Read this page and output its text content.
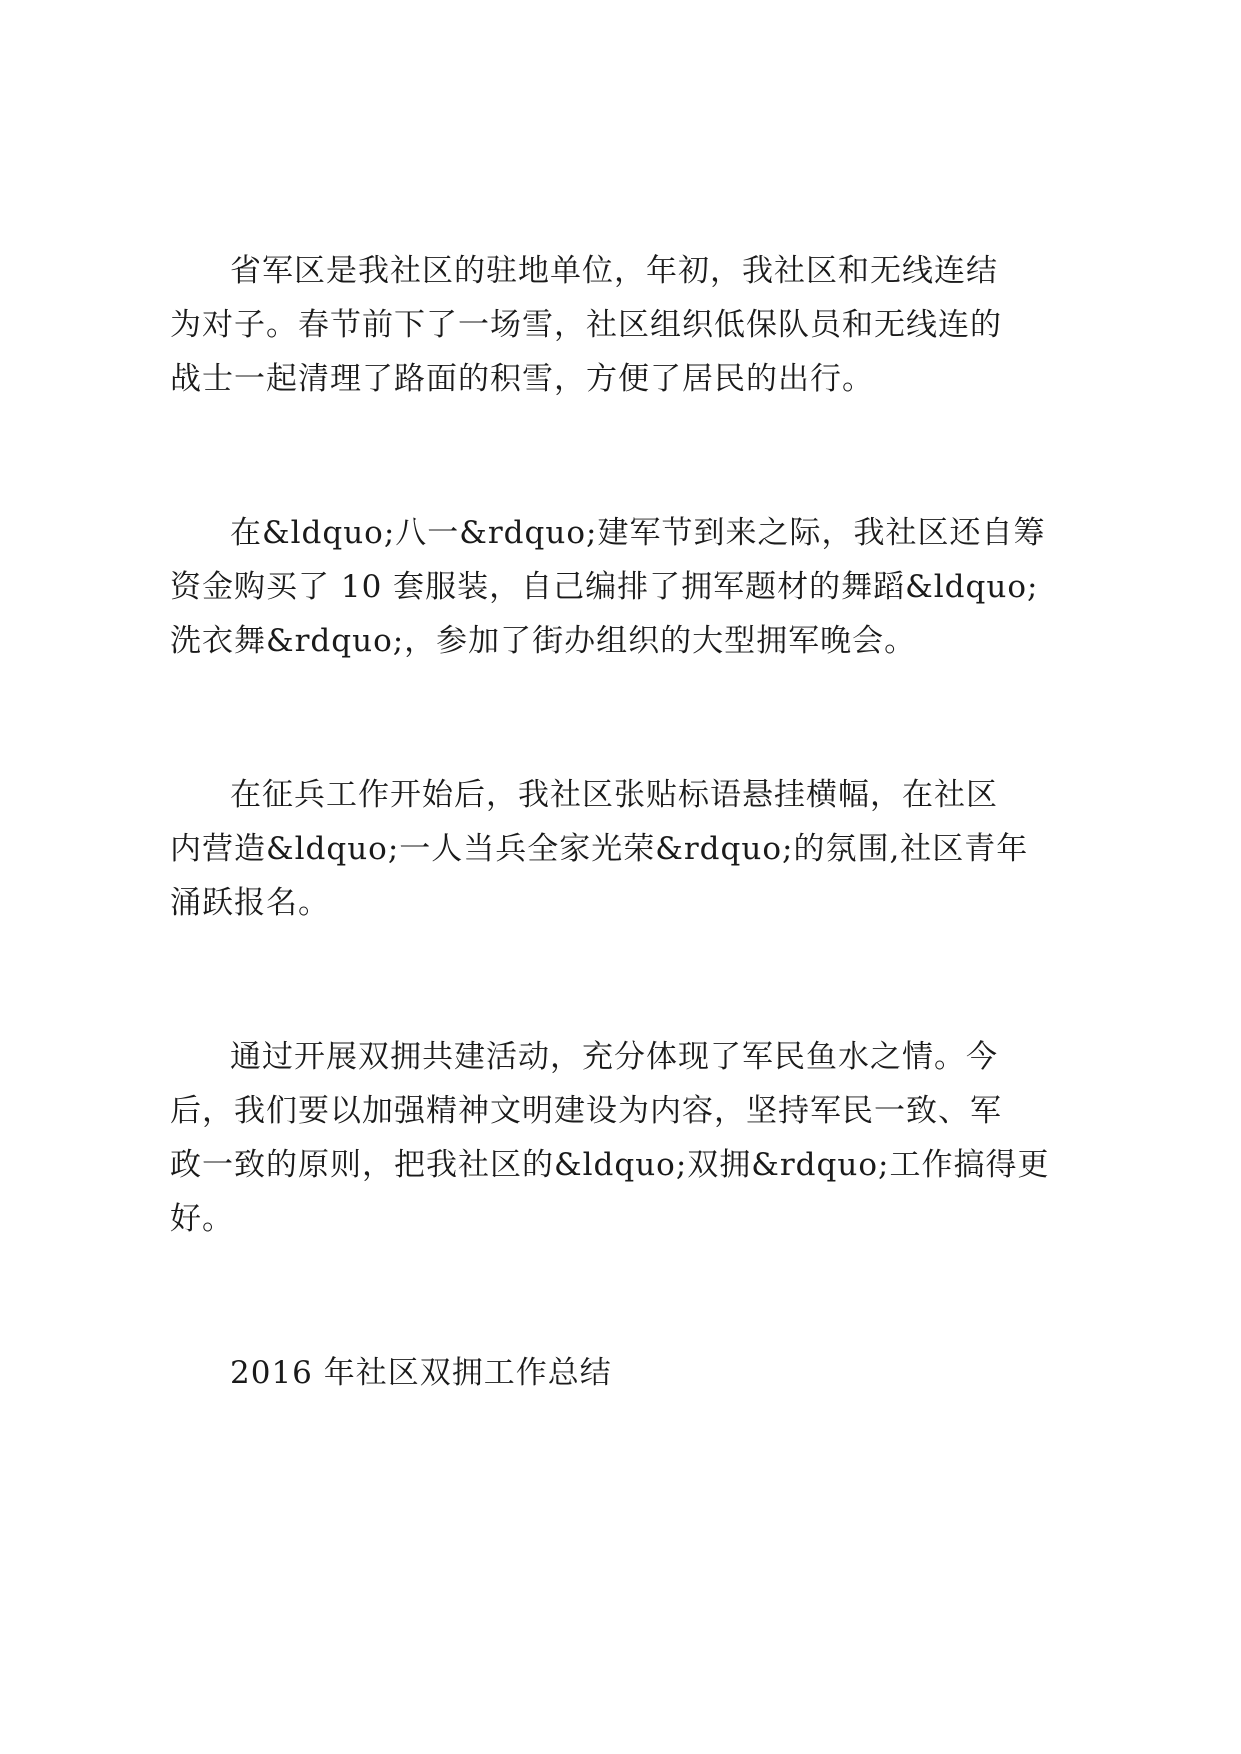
省军区是我社区的驻地单位，年初，我社区和无线连结

为对子。春节前下了一场雪，社区组织低保队员和无线连的

战士一起清理了路面的积雪，方便了居民的出行。

在&ldquo;八一&rdquo;建军节到来之际，我社区还自筹

资金购买了 10 套服装，自己编排了拥军题材的舞蹈&ldquo;

洗衣舞&rdquo;，参加了街办组织的大型拥军晚会。

在征兵工作开始后，我社区张贴标语悬挂横幅，在社区

内营造&ldquo;一人当兵全家光荣&rdquo;的氛围,社区青年

涌跃报名。

通过开展双拥共建活动，充分体现了军民鱼水之情。今

后，我们要以加强精神文明建设为内容，坚持军民一致、军

政一致的原则，把我社区的&ldquo;双拥&rdquo;工作搞得更

好。

2016 年社区双拥工作总结
